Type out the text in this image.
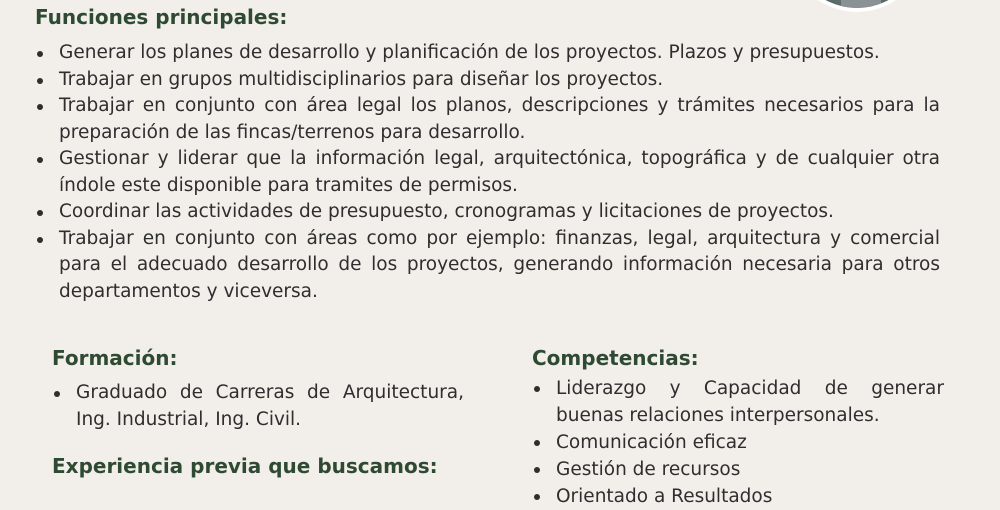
Funciones principales:
Generar los planes de desarrollo y planificación de los proyectos. Plazos y presupuestos.
Trabajar en grupos multidisciplinarios para diseñar los proyectos.
Trabajar en conjunto con área legal los planos, descripciones y trámites necesarios para la preparación de las fincas/terrenos para desarrollo.
Gestionar y liderar que la información legal, arquitectónica, topográfica y de cualquier otra índole este disponible para tramites de permisos.
Coordinar las actividades de presupuesto, cronogramas y licitaciones de proyectos.
Trabajar en conjunto con áreas como por ejemplo: finanzas, legal, arquitectura y comercial para el adecuado desarrollo de los proyectos, generando información necesaria para otros departamentos y viceversa.
Formación:
Graduado de Carreras de Arquitectura, Ing. Industrial, Ing. Civil.
Experiencia previa que buscamos:
Competencias:
Liderazgo y Capacidad de generar buenas relaciones interpersonales.
Comunicación eficaz
Gestión de recursos
Orientado a Resultados
